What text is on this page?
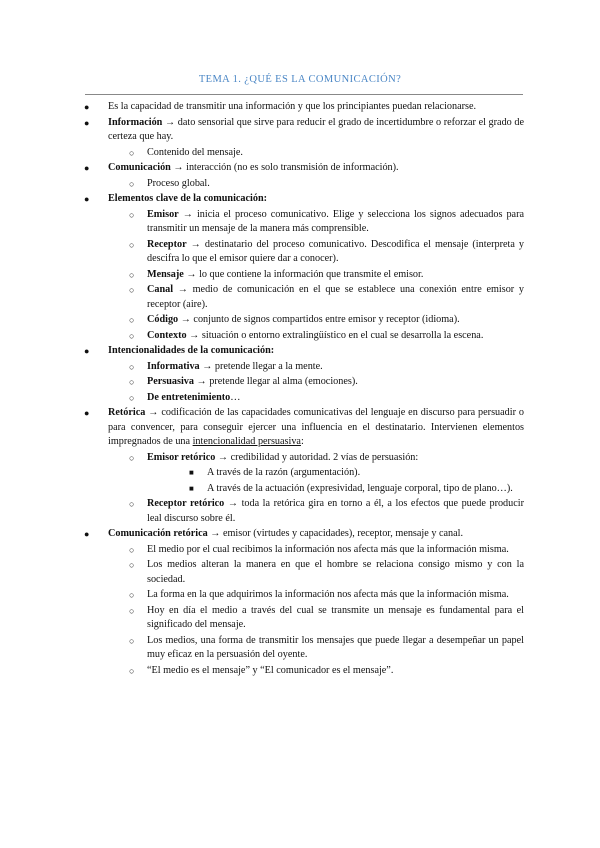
TEMA 1. ¿QUÉ ES LA COMUNICACIÓN?
● Es la capacidad de transmitir una información y que los principiantes puedan relacionarse.
● Información → dato sensorial que sirve para reducir el grado de incertidumbre o reforzar el grado de certeza que hay.
○ Contenido del mensaje.
● Comunicación → interacción (no es solo transmisión de información).
○ Proceso global.
● Elementos clave de la comunicación:
○ Emisor → inicia el proceso comunicativo. Elige y selecciona los signos adecuados para transmitir un mensaje de la manera más comprensible.
○ Receptor → destinatario del proceso comunicativo. Descodifica el mensaje (interpreta y descifra lo que el emisor quiere dar a conocer).
○ Mensaje → lo que contiene la información que transmite el emisor.
○ Canal → medio de comunicación en el que se establece una conexión entre emisor y receptor (aire).
○ Código → conjunto de signos compartidos entre emisor y receptor (idioma).
○ Contexto → situación o entorno extralingüístico en el cual se desarrolla la escena.
● Intencionalidades de la comunicación:
○ Informativa → pretende llegar a la mente.
○ Persuasiva → pretende llegar al alma (emociones).
○ De entretenimiento…
● Retórica → codificación de las capacidades comunicativas del lenguaje en discurso para persuadir o para convencer, para conseguir ejercer una influencia en el destinatario. Intervienen elementos impregnados de una intencionalidad persuasiva:
○ Emisor retórico → credibilidad y autoridad. 2 vías de persuasión:
■ A través de la razón (argumentación).
■ A través de la actuación (expresividad, lenguaje corporal, tipo de plano…).
○ Receptor retórico → toda la retórica gira en torno a él, a los efectos que puede producir leal discurso sobre él.
● Comunicación retórica → emisor (virtudes y capacidades), receptor, mensaje y canal.
○ El medio por el cual recibimos la información nos afecta más que la información misma.
○ Los medios alteran la manera en que el hombre se relaciona consigo mismo y con la sociedad.
○ La forma en la que adquirimos la información nos afecta más que la información misma.
○ Hoy en día el medio a través del cual se transmite un mensaje es fundamental para el significado del mensaje.
○ Los medios, una forma de transmitir los mensajes que puede llegar a desempeñar un papel muy eficaz en la persuasión del oyente.
○ “El medio es el mensaje” y “El comunicador es el mensaje”.
